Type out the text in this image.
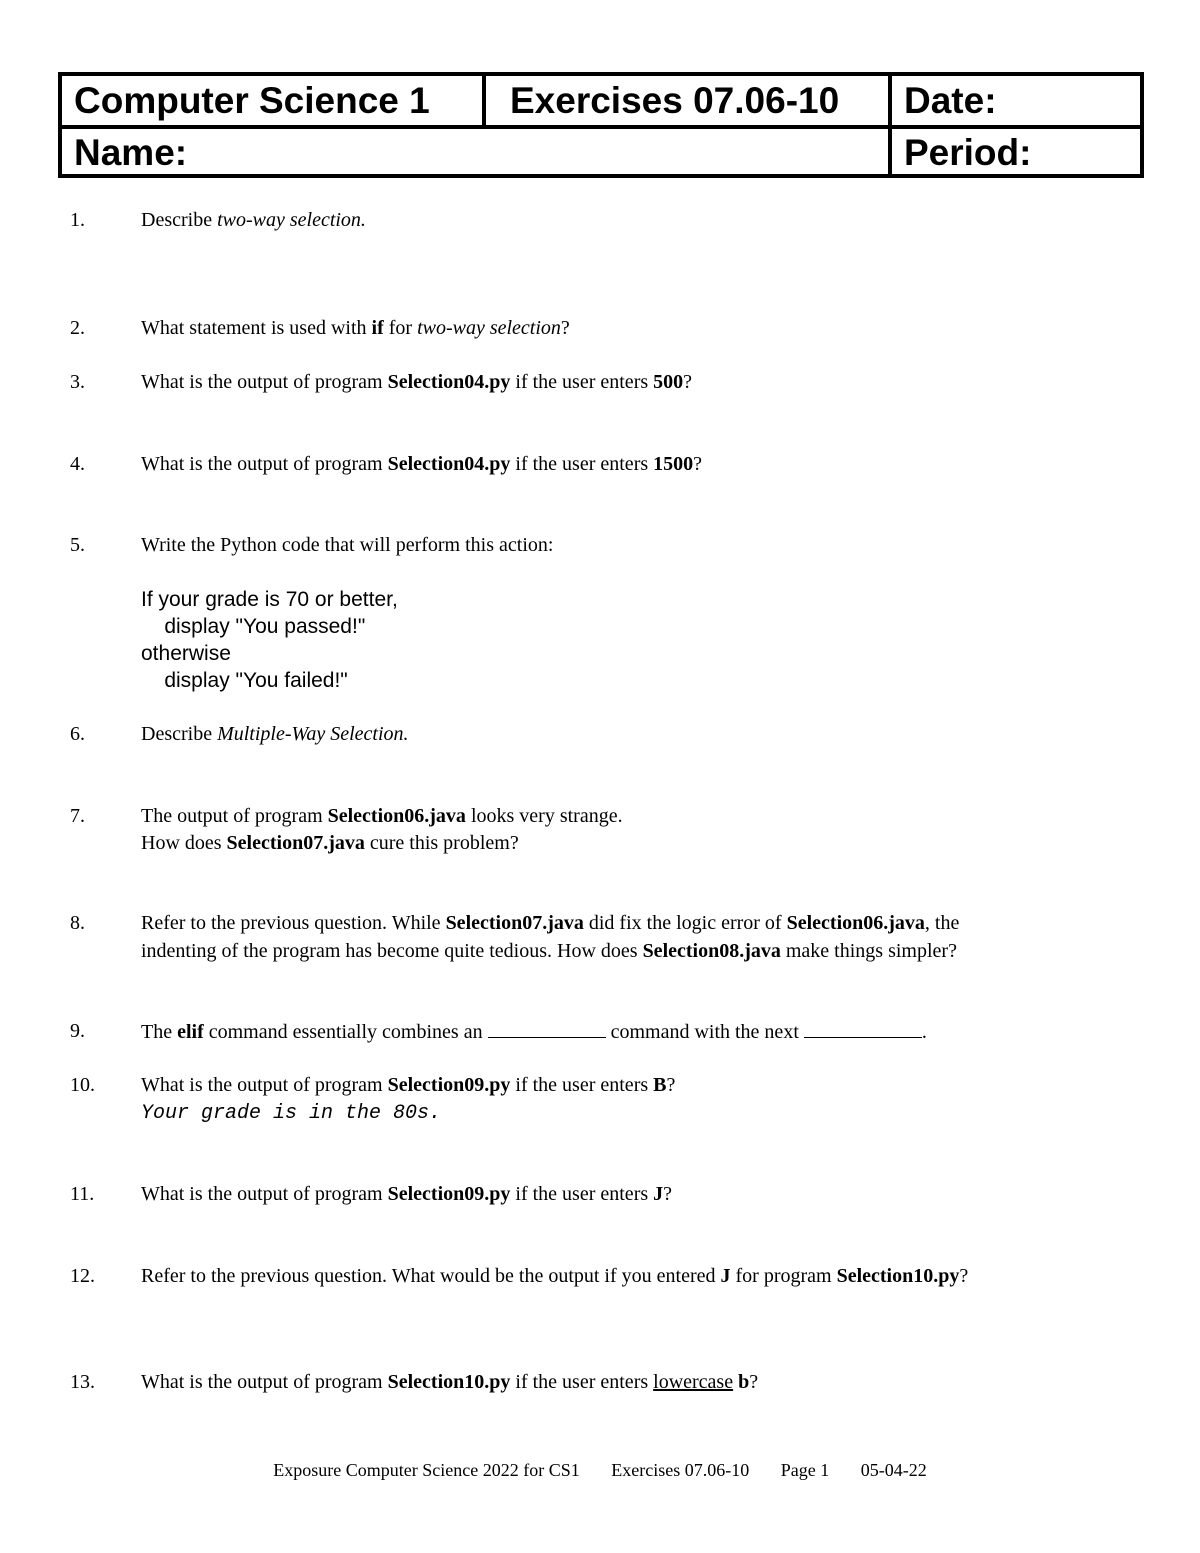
Computer Science 1	Exercises 07.06-10	Date:
Name:	Period:
1.	Describe two-way selection.
2.	What statement is used with if for two-way selection?
3.	What is the output of program Selection04.py if the user enters 500?
4.	What is the output of program Selection04.py if the user enters 1500?
5.	Write the Python code that will perform this action:
If your grade is 70 or better,
display "You passed!"
otherwise
display "You failed!"
6.	Describe Multiple-Way Selection.
7.	The output of program Selection06.java looks very strange.
How does Selection07.java cure this problem?
8.	Refer to the previous question. While Selection07.java did fix the logic error of Selection06.java, the
indenting of the program has become quite tedious. How does Selection08.java make things simpler?
9.	The elif command essentially combines an	command with the next	.
10. What is the output of program Selection09.py if the user enters B?
Your grade is in the 80s.
11. What is the output of program Selection09.py if the user enters J?
12. Refer to the previous question. What would be the output if you entered J for program Selection10.py?
13. What is the output of program Selection10.py if the user enters lowercase b?
Exposure Computer Science 2022 for CS1 Exercises 07.06-10 Page 1 05-04-22
